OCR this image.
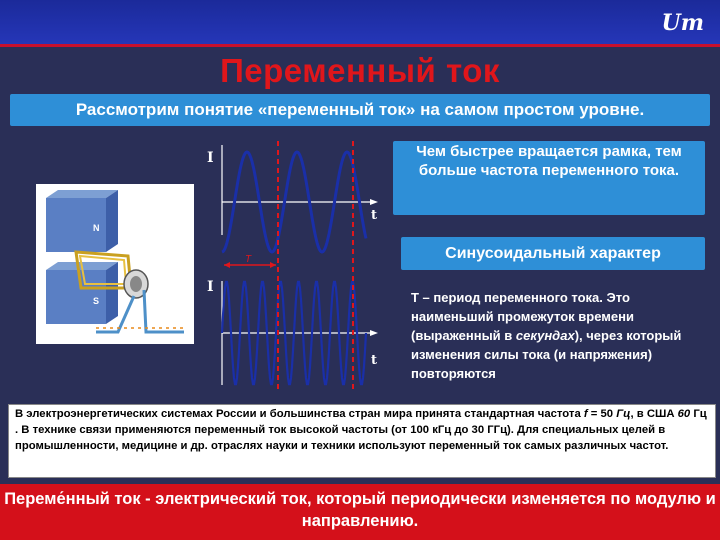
Um
Переменный ток
Рассмотрим понятие «переменный ток» на самом простом уровне.
N
S
I
t
I
t
T
Чем быстрее вращается рамка, тем больше частота переменного тока.
Синусоидальный характер
Т – период переменного тока. Это наименьший промежуток времени (выраженный в секундах), через который изменения силы тока (и напряжения) повторяются
В электроэнергетических системах России и большинства стран мира принята стандартная частота f = 50 Гц, в США 60 Гц . В технике связи применяются переменный ток высокой частоты (от 100 кГц до 30 ГГц). Для специальных целей в промышленности, медицине и др. отраслях науки и техники используют переменный ток самых различных частот.
Переме́нный ток - электрический ток, который периодически изменяется по модулю и направлению.
